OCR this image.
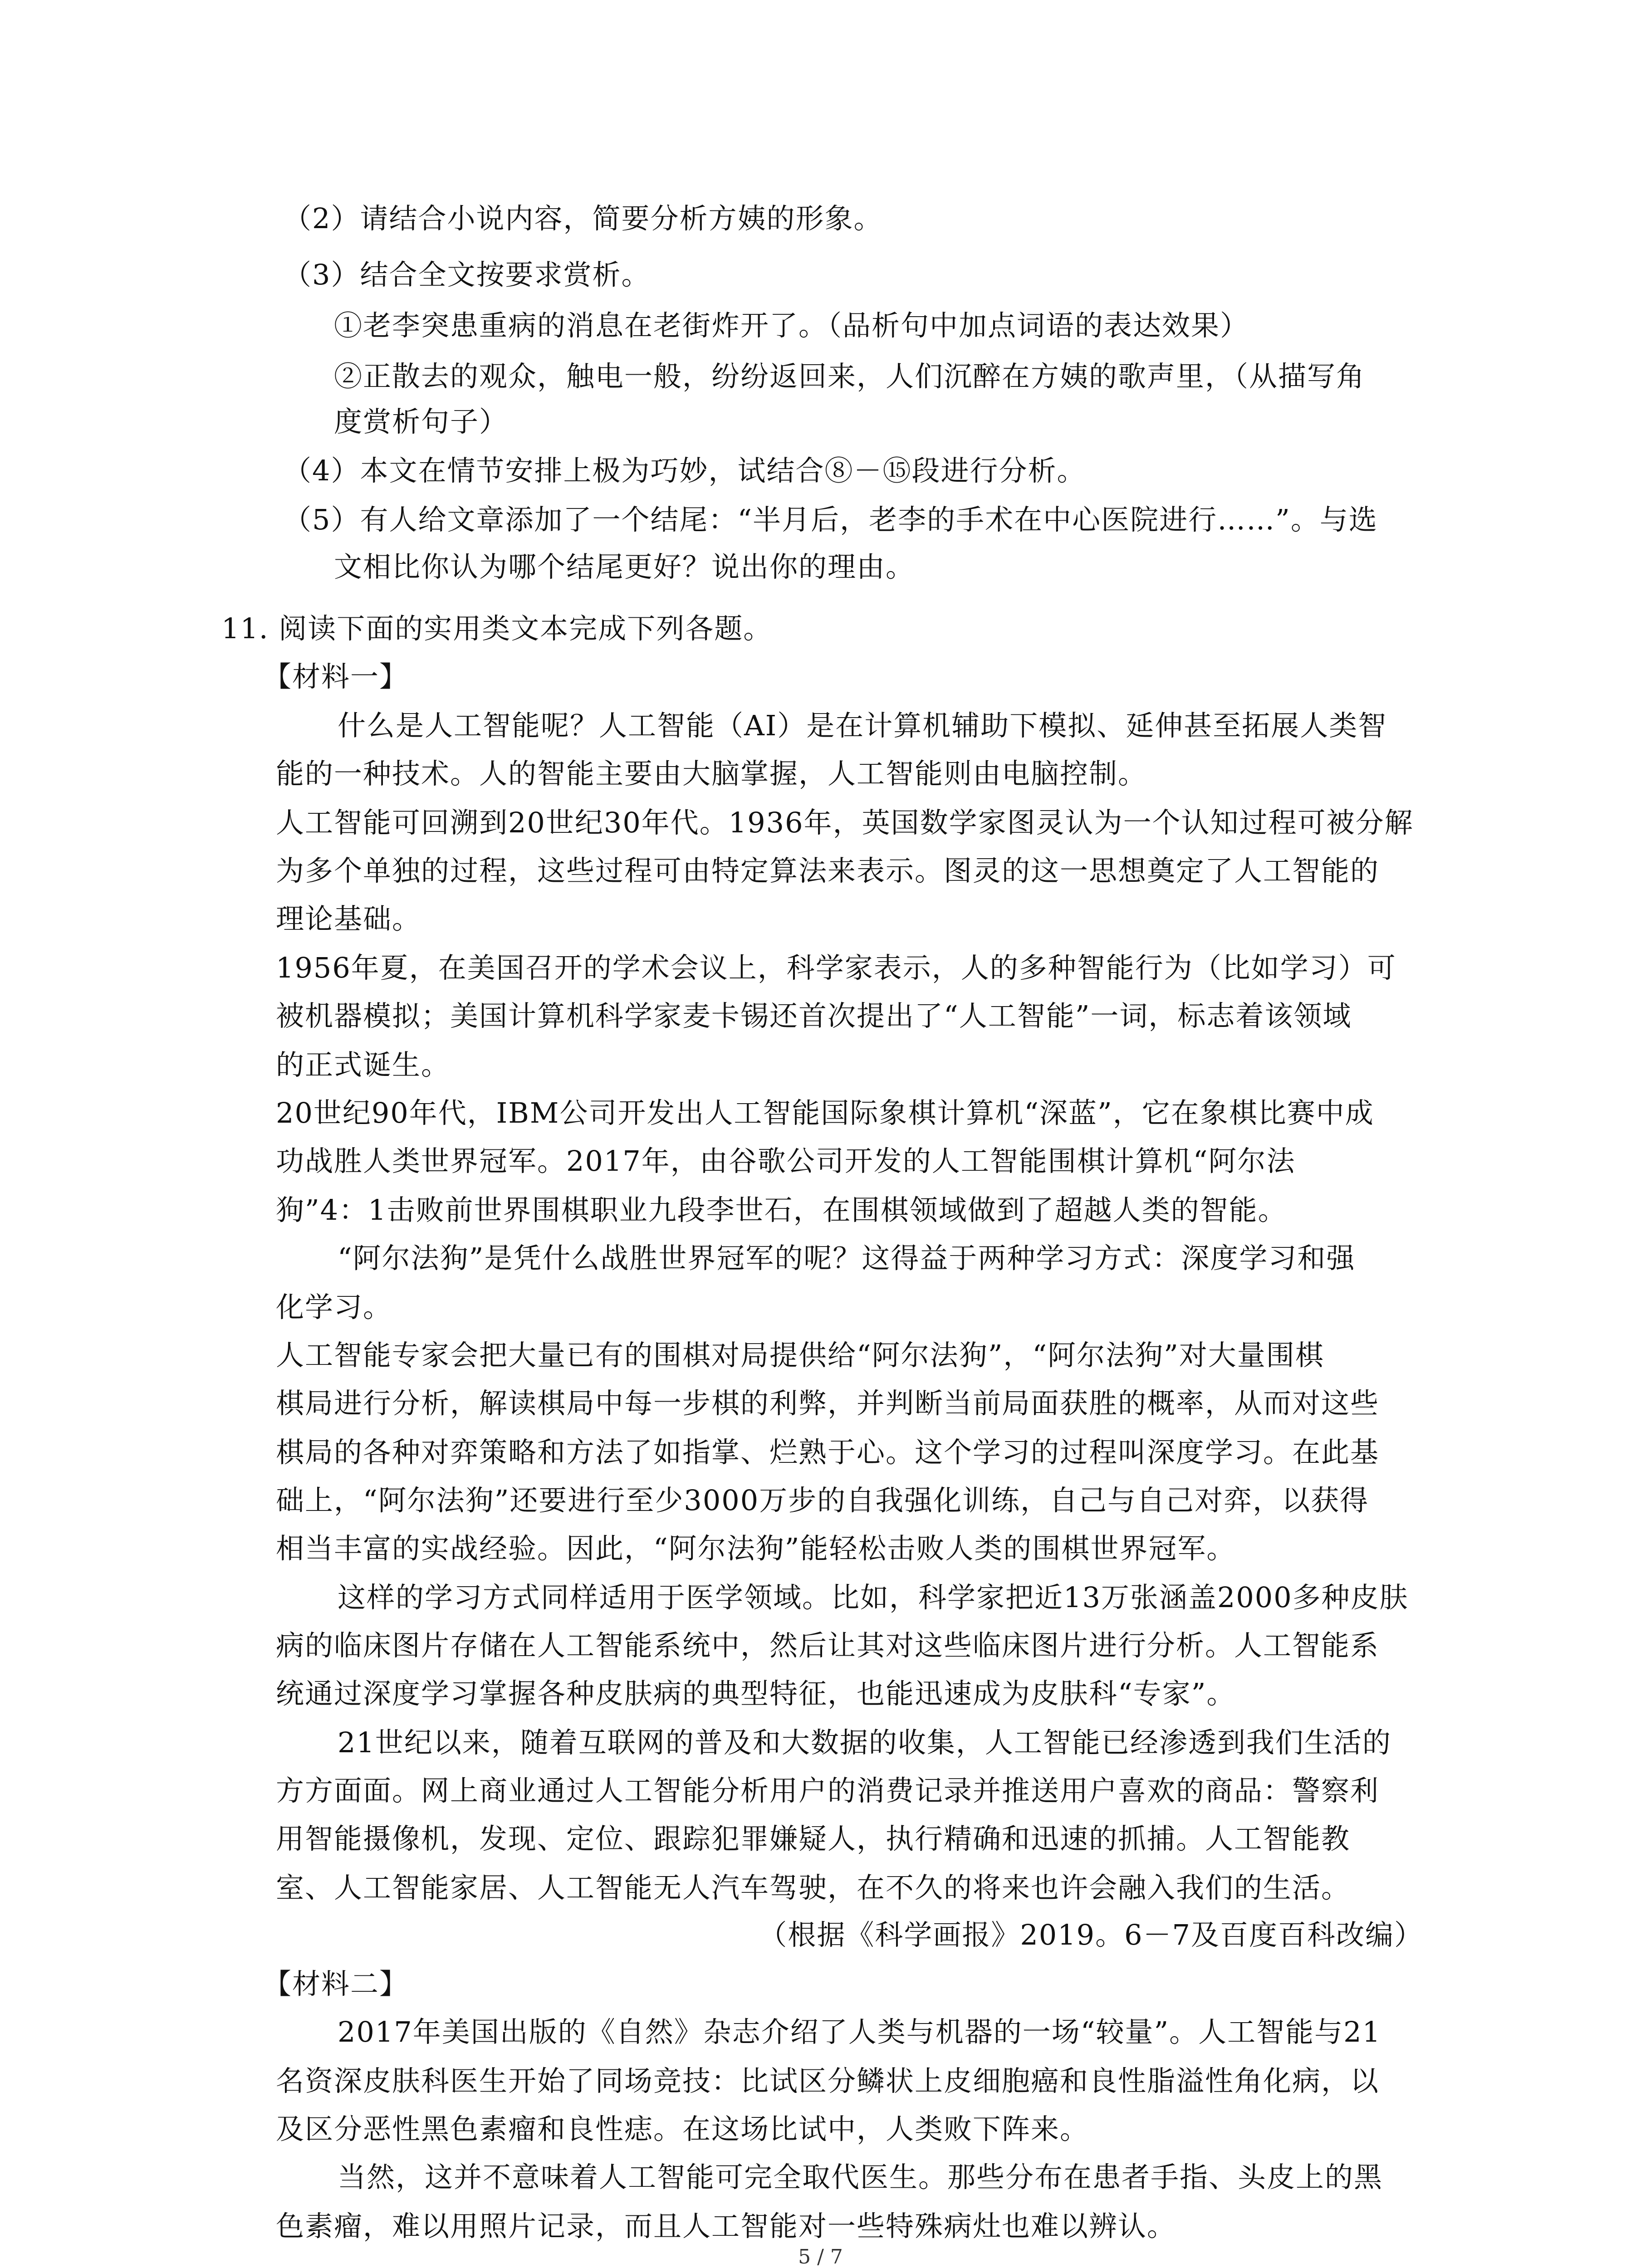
（2）请结合小说内容，简要分析方姨的形象。

（3）结合全文按要求赏析。

①老李突患重病的消息在老街炸开了。（品析句中加点词语的表达效果）

②正散去的观众，触电一般，纷纷返回来，人们沉醉在方姨的歌声里，（从描写角

度赏析句子）

（4）本文在情节安排上极为巧妙，试结合⑧－⑮段进行分析。

（5）有人给文章添加了一个结尾：“半月后，老李的手术在中心医院进行……”。与选

文相比你认为哪个结尾更好？说出你的理由。

11. 阅读下面的实用类文本完成下列各题。

【材料一】

什么是人工智能呢？人工智能（AI）是在计算机辅助下模拟、延伸甚至拓展人类智

能的一种技术。人的智能主要由大脑掌握，人工智能则由电脑控制。

人工智能可回溯到20世纪30年代。1936年，英国数学家图灵认为一个认知过程可被分解

为多个单独的过程，这些过程可由特定算法来表示。图灵的这一思想奠定了人工智能的

理论基础。

1956年夏，在美国召开的学术会议上，科学家表示，人的多种智能行为（比如学习）可

被机器模拟；美国计算机科学家麦卡锡还首次提出了“人工智能”一词，标志着该领域

的正式诞生。

20世纪90年代，IBM公司开发出人工智能国际象棋计算机“深蓝”，它在象棋比赛中成

功战胜人类世界冠军。2017年，由谷歌公司开发的人工智能围棋计算机“阿尔法

狗”4：1击败前世界围棋职业九段李世石，在围棋领域做到了超越人类的智能。

“阿尔法狗”是凭什么战胜世界冠军的呢？这得益于两种学习方式：深度学习和强

化学习。

人工智能专家会把大量已有的围棋对局提供给“阿尔法狗”，“阿尔法狗”对大量围棋

棋局进行分析，解读棋局中每一步棋的利弊，并判断当前局面获胜的概率，从而对这些

棋局的各种对弈策略和方法了如指掌、烂熟于心。这个学习的过程叫深度学习。在此基

础上，“阿尔法狗”还要进行至少3000万步的自我强化训练，自己与自己对弈，以获得

相当丰富的实战经验。因此，“阿尔法狗”能轻松击败人类的围棋世界冠军。

这样的学习方式同样适用于医学领域。比如，科学家把近13万张涵盖2000多种皮肤

病的临床图片存储在人工智能系统中，然后让其对这些临床图片进行分析。人工智能系

统通过深度学习掌握各种皮肤病的典型特征，也能迅速成为皮肤科“专家”。

21世纪以来，随着互联网的普及和大数据的收集，人工智能已经渗透到我们生活的

方方面面。网上商业通过人工智能分析用户的消费记录并推送用户喜欢的商品：警察利

用智能摄像机，发现、定位、跟踪犯罪嫌疑人，执行精确和迅速的抓捕。人工智能教

室、人工智能家居、人工智能无人汽车驾驶，在不久的将来也许会融入我们的生活。

（根据《科学画报》2019。6－7及百度百科改编）

【材料二】

2017年美国出版的《自然》杂志介绍了人类与机器的一场“较量”。人工智能与21

名资深皮肤科医生开始了同场竞技：比试区分鳞状上皮细胞癌和良性脂溢性角化病，以

及区分恶性黑色素瘤和良性痣。在这场比试中，人类败下阵来。

当然，这并不意味着人工智能可完全取代医生。那些分布在患者手指、头皮上的黑

色素瘤，难以用照片记录，而且人工智能对一些特殊病灶也难以辨认。

5 / 7
